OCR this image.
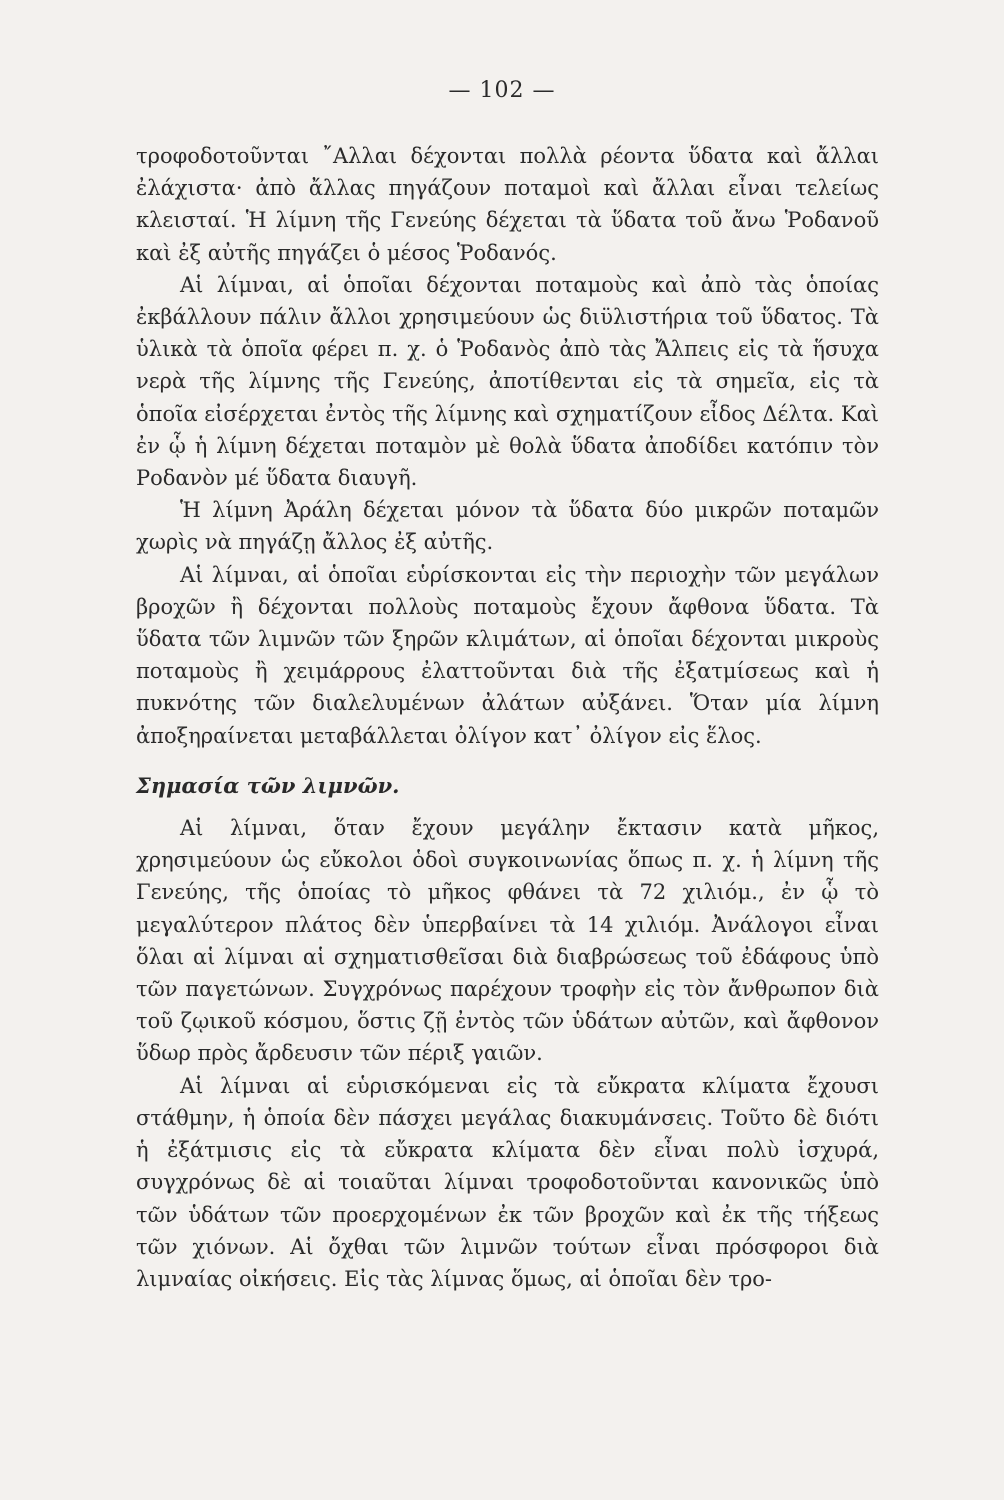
— 102 —

τροφοδοτοῦνται ῎Αλλαι δέχονται πολλὰ ρέοντα ὕδατα καὶ ἄλλαι ἐλάχιστα· ἀπὸ ἄλλας πηγάζουν ποταμοὶ καὶ ἄλλαι εἶναι τελείως κλεισταί. Ἡ λίμνη τῆς Γενεύης δέχεται τὰ ὕδατα τοῦ ἄνω Ῥοδανοῦ καὶ ἐξ αὐτῆς πηγάζει ὁ μέσος Ῥοδανός.

Αἱ λίμναι, αἱ ὁποῖαι δέχονται ποταμοὺς καὶ ἀπὸ τὰς ὁποίας ἐκβάλλουν πάλιν ἄλλοι χρησιμεύουν ὡς διϋλιστήρια τοῦ ὕδατος. Τὰ ὑλικὰ τὰ ὁποῖα φέρει π. χ. ὁ Ῥοδανὸς ἀπὸ τὰς Ἄλπεις εἰς τὰ ἥσυχα νερὰ τῆς λίμνης τῆς Γενεύης, ἀποτίθενται εἰς τὰ σημεῖα, εἰς τὰ ὁποῖα εἰσέρχεται ἐντὸς τῆς λίμνης καὶ σχηματίζουν εἶδος Δέλτα. Καὶ ἐν ᾧ ἡ λίμνη δέχεται ποταμὸν μὲ θολὰ ὕδατα ἀποδίδει κατόπιν τὸν Ροδανὸν μέ ὕδατα διαυγῆ.

Ἡ λίμνη Ἀράλη δέχεται μόνον τὰ ὕδατα δύο μικρῶν ποταμῶν χωρὶς νὰ πηγάζῃ ἄλλος ἐξ αὐτῆς.

Αἱ λίμναι, αἱ ὁποῖαι εὑρίσκονται εἰς τὴν περιοχὴν τῶν μεγάλων βροχῶν ἢ δέχονται πολλοὺς ποταμοὺς ἔχουν ἄφθονα ὕδατα. Τὰ ὕδατα τῶν λιμνῶν τῶν ξηρῶν κλιμάτων, αἱ ὁποῖαι δέχονται μικροὺς ποταμοὺς ἢ χειμάρρους ἐλαττοῦνται διὰ τῆς ἐξατμίσεως καὶ ἡ πυκνότης τῶν διαλελυμένων ἀλάτων αὐξάνει. Ὅταν μία λίμνη ἀποξηραίνεται μεταβάλλεται ὀλίγον κατ᾿ ὀλίγον εἰς ἕλος.

Σημασία τῶν λιμνῶν.

Αἱ λίμναι, ὅταν ἔχουν μεγάλην ἔκτασιν κατὰ μῆκος, χρησιμεύουν ὡς εὔκολοι ὁδοὶ συγκοινωνίας ὅπως π. χ. ἡ λίμνη τῆς Γενεύης, τῆς ὁποίας τὸ μῆκος φθάνει τὰ 72 χιλιόμ., ἐν ᾧ τὸ μεγαλύτερον πλάτος δὲν ὑπερβαίνει τὰ 14 χιλιόμ. Ἀνάλογοι εἶναι ὅλαι αἱ λίμναι αἱ σχηματισθεῖσαι διὰ διαβρώσεως τοῦ ἐδάφους ὑπὸ τῶν παγετώνων. Συγχρόνως παρέχουν τροφὴν εἰς τὸν ἄνθρωπον διὰ τοῦ ζῳικοῦ κόσμου, ὅστις ζῇ ἐντὸς τῶν ὑδάτων αὐτῶν, καὶ ἄφθονον ὕδωρ πρὸς ἄρδευσιν τῶν πέριξ γαιῶν.

Αἱ λίμναι αἱ εὑρισκόμεναι εἰς τὰ εὔκρατα κλίματα ἔχουσι στάθμην, ἡ ὁποία δὲν πάσχει μεγάλας διακυμάνσεις. Τοῦτο δὲ διότι ἡ ἐξάτμισις εἰς τὰ εὔκρατα κλίματα δὲν εἶναι πολὺ ἰσχυρά, συγχρόνως δὲ αἱ τοιαῦται λίμναι τροφοδοτοῦνται κανονικῶς ὑπὸ τῶν ὑδάτων τῶν προερχομένων ἐκ τῶν βροχῶν καὶ ἐκ τῆς τήξεως τῶν χιόνων. Αἱ ὄχθαι τῶν λιμνῶν τούτων εἶναι πρόσφοροι διὰ λιμναίας οἰκήσεις. Εἰς τὰς λίμνας ὅμως, αἱ ὁποῖαι δὲν τρο-
